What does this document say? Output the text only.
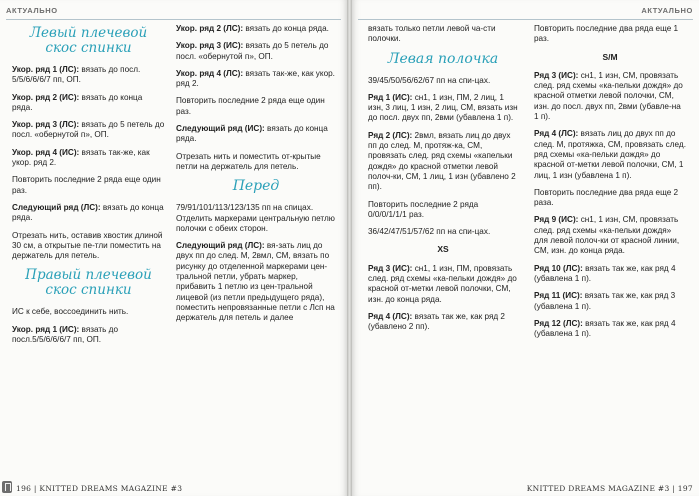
АКТУАЛЬНО
Левый плечевой
скос спинки

Укор. ряд 1 (ЛС): вязать до посл. 5/5/6/6/6/7 пп, ОП.

Укор. ряд 2 (ИС): вязать до конца ряда.

Укор. ряд 3 (ЛС): вязать до 5 петель до посл. «обернутой п», ОП.

Укор. ряд 4 (ИС): вязать так-же, как укор. ряд 2.

Повторить последние 2 ряда еще один раз.

Следующий ряд (ЛС): вязать до конца ряда.

Отрезать нить, оставив хвостик длиной 30 см, а открытые пе-тли поместить на держатель для петель.

Правый плечевой
скос спинки

ИС к себе, воссоединить нить.

Укор. ряд 1 (ИС): вязать до посл.5/5/6/6/6/7 пп, ОП.

Укор. ряд 2 (ЛС): вязать до конца ряда.

Укор. ряд 3 (ИС): вязать до 5 петель до посл. «обернутой п», ОП.

Укор. ряд 4 (ЛС): вязать так-же, как укор. ряд 2.

Повторить последние 2 ряда еще один раз.

Следующий ряд (ИС): вязать до конца ряда.

Отрезать нить и поместить от-крытые петли на держатель для петель.

Перед

79/91/101/113/123/135 пп на спицах. Отделить маркерами центральную петлю полочки с обеих сторон.

Следующий ряд (ЛС): вя-зать лиц до двух пп до след. М, 2вмл, СМ, вязать по рисунку до отделенной маркерами цен-тральной петли, убрать маркер, прибавить 1 петлю из цен-тральной лицевой (из петли предыдущего ряда), поместить непровязанные петли с Лсп на держатель для петель и далее

196 | KNITTED DREAMS MAGAZINE #3
АКТУАЛЬНО

вязать только петли левой ча-сти полочки.

Левая полочка

39/45/50/56/62/67 пп на спи-цах.

Ряд 1 (ИС): сн1, 1 изн, ПМ, 2 лиц, 1 изн, 3 лиц, 1 изн, 2 лиц, СМ, вязать изн до посл. двух пп, 2вми (убавлена 1 п).

Ряд 2 (ЛС): 2вмл, вязать лиц до двух пп до след. М, протяж-ка, СМ, провязать след. ряд схемы «капельки дождя» до красной отметки левой полоч-ки, СМ, 1 лиц, 1 изн (убавлено 2 пп).

Повторить последние 2 ряда 0/0/0/1/1/1 раз.

36/42/47/51/57/62 пп на спи-цах.

XS

Ряд 3 (ИС): сн1, 1 изн, ПМ, провязать след. ряд схемы «ка-пельки дождя» до красной от-метки левой полочки, СМ, изн. до конца ряда.

Ряд 4 (ЛС): вязать так же, как ряд 2 (убавлено 2 пп).

Повторить последние два ряда еще 1 раз.

S/M

Ряд 3 (ИС): сн1, 1 изн, СМ, провязать след. ряд схемы «ка-пельки дождя» до красной отметки левой полочки, СМ, изн. до посл. двух пп, 2вми (убавле-на 1 п).

Ряд 4 (ЛС): вязать лиц до двух пп до след. М, протяжка, СМ, провязать след. ряд схемы «ка-пельки дождя» до красной от-метки левой полочки, СМ, 1 лиц, 1 изн (убавлена 1 п).

Повторить последние два ряда еще 2 раза.

Ряд 9 (ИС): сн1, 1 изн, СМ, провязать след. ряд схемы «ка-пельки дождя» для левой полоч-ки от красной линии, СМ, изн. до конца ряда.

Ряд 10 (ЛС): вязать так же, как ряд 4 (убавлена 1 п).

Ряд 11 (ИС): вязать так же, как ряд 3 (убавлена 1 п).

Ряд 12 (ЛС): вязать так же, как ряд 4 (убавлена 1 п).

KNITTED DREAMS MAGAZINE #3 | 197
